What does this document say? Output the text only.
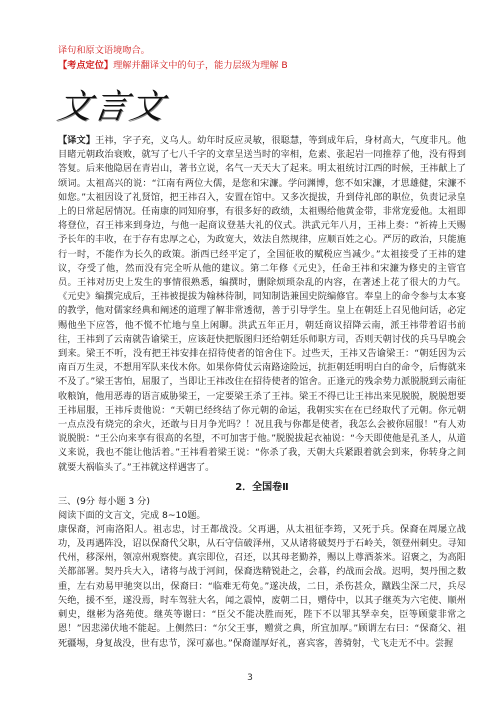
译句和原文语境吻合。
【考点定位】理解并翻译文中的句子，能力层级为理解 B
文言文

【译文】王祎，字子充，义乌人。幼年时反应灵敏，很聪慧，等到成年后，身材高大，气度非凡。他目睹元朝政治衰败，就写了七八千字的文章呈送当时的宰相，危素、张起岩一同推荐了他，没有得到答复。后来他隐居在青岩山，著书立说，名气一天天大了起来。明太祖统讨江西的时候，王祎献上了颂词。太祖高兴的说：“江南有两位大儒，是您和宋濂。学问渊博，您不如宋濂，才思雄健，宋濂不如您。”太祖因设了礼贤馆，把王祎召入，安置在馆中。又多次提拔，升到侍礼郎的职位，负责记录皇上的日常起居情况。任南康的同知府事，有很多好的政绩，太祖赐给他黄金带，非常宠爱他。太祖即将登位，召王祎来到身边，与他一起商议登基大礼的仪式。洪武元年八月，王祎上奏：“祈祷上天赐予长年的丰收，在于存有忠厚之心，为政宽大，效法自然规律，应顺百姓之心。严厉的政治，只能施行一时，不能作为长久的政策。浙西已经平定了，全国征收的赋税应当减少。”太祖接受了王祎的建议，夺受了他，然而没有完全听从他的建议。第二年修《元史》，任命王祎和宋濂为修史的主管官员。王祎对历史上发生的事情很熟悉，编撰时，删除烦琐杂乱的内容，在著述上花了很大的力气。《元史》编撰完成后，王祎被提拔为翰林待制，同知制诰兼国史院编修官。奉皇上的命令参与太本宴的教学，他对儒家经典和阐述的道理了解非常透彻，善于引导学生。皇上在朝廷上召见他问话，必定赐他坐下应答，他不慌不忙地与皇上闲聊。洪武五年正月，朝廷商议招降云南，派王祎带着诏书前往，王祎到了云南就告谕梁王，应该赶快把版图归还给朝廷乐师职方司，否则天朝讨伐的兵马早晚会到来。梁王不听，没有把王祎安排在招待使者的馆舍住下。过些天，王祎又告谕梁王：“朝廷因为云南百万生灵，不想用军队来伐木你。如果你倚仗云南路途险远，抗拒朝廷明明白白的命令，后悔就来不及了。”梁王害怕，屈服了，当即让王祎改住在招待使者的馆舍。正逢元的残余势力派脱脱到云南征收粮饷，他用恶毒的语言威胁梁王，一定要梁王杀了王祎。梁王不得已让王祎出来见脱脱，脱脱想要王祎屈服，王祎斥责他说：“天朝已经终结了你元朝的命运，我朝实实在在已经取代了元朝。你元朝一点点没有烧完的余火，还敢与日月争光吗？！况且我与你都是使者，我怎么会被你屈服！”有人劝说脱脱：“王公向来享有很高的名望，不可加害于他。”脱脱拔起衣袖说：“今天即使他是孔圣人，从道义来说，我也不能让他活着。”王祎看着梁王说：“你杀了我，天朝大兵紧跟着就会到来，你转身之间就要大祸临头了。”王祎就这样遇害了。

2．全国卷Ⅱ
三、(9分 每小题 3 分)
阅读下面的文言文，完成 8~10题。

康保裔，河南洛阳人。祖志忠，讨王都战没。父再遇，从太祖征李筠，又死于兵。保裔在周屡立战功，及再遇阵没，诏以保裔代父职，从石守信破泽州，又从诸将破契丹于石岭关，领登州刺史。寻知代州，移深州，领凉州观察使。真宗即位，召还，以其母老勤养，赐以上尊酒茶米。诏褒之，为高阳关都部署。契丹兵大入，诸将与战于河间，保裔选精锐赴之，会暮，约战而会战。迟明，契丹围之数重，左右劝易甲驰突以出，保裔曰：“临难无苟免。”遂决战，二日，杀伤甚众，蹴践尘深二尺，兵尽矢绝，援不至，遂没焉，时车驾驻大名，闻之震悼，废朝二日，赠侍中，以其子继英为六宅使、顺州刺史，继彬为洛苑使。继英等谢曰：“臣父不能决胜而死，陛下不以罪其孥幸矣，臣等顾蒙非常之恩！”因悲涕伏地不能起。上侧然曰：“尔父王事，赠赏之典，所宜加厚。”顾谓左右曰：“保裔父、祖死疆埸，身复战没，世有忠节，深可嘉也。”保裔谨厚好礼，喜宾客，善骑射，弋飞走无不中。尝握

3
